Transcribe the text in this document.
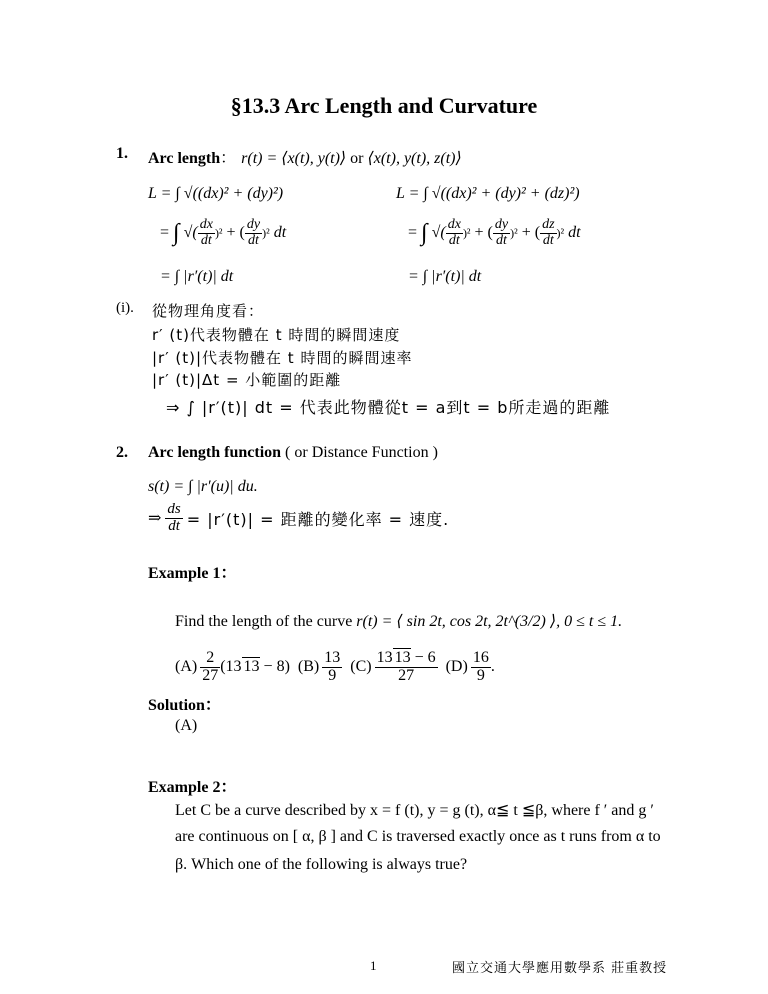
§13.3 Arc Length and Curvature
1. Arc length： r(t) = ⟨x(t), y(t)⟩ or ⟨x(t), y(t), z(t)⟩
L = ∫ √((dx)² + (dy)²)
= ∫ √( $\frac{dx}{dt} )^2$ + ( $\frac{dy}{dt} )^2$ dt
= ∫ |r′(t)| dt
L = ∫ √((dx)² + (dy)² + (dz)²)
= ∫ √( $\frac{dx}{dt} )^2$ + ( $\frac{dy}{dt} )^2$ + ( $\frac{dz}{dt} )^2$ dt
= ∫ |r′(t)| dt
(i). 從物理角度看：
r′ (t)代表物體在 t 時間的瞬間速度
|r′ (t)|代表物體在 t 時間的瞬間速率
|r′ (t)|Δt = 小範圍的距離
⇒ ∫ |r′(t)| dt = 代表此物體從t = a到t = b所走過的距離
2. Arc length function ( or Distance Function )
s(t) = ∫ |r′(u)| du.
⇒ $\frac{ds}{dt} = |r'(t)|$ = 距離的變化率 = 速度.
Example 1：
Find the length of the curve r(t) = ⟨ sin 2t, cos 2t, 2t^(3/2) ⟩, 0 ≤ t ≤ 1.
$(A) \frac{2}{27} (13$ 13 − 8) $(B) \frac{13}{9} (C) \frac{13 13 - 6}{27} (D) \frac{16}{9}$ .
Solution：
(A)
Example 2：
Let C be a curve described by x = f (t), y = g (t), α≦ t ≦β, where f ′ and g ′
are continuous on [ α, β ] and C is traversed exactly once as t runs from α to
β. Which one of the following is always true?
1	國立交通大學應用數學系 莊重教授
